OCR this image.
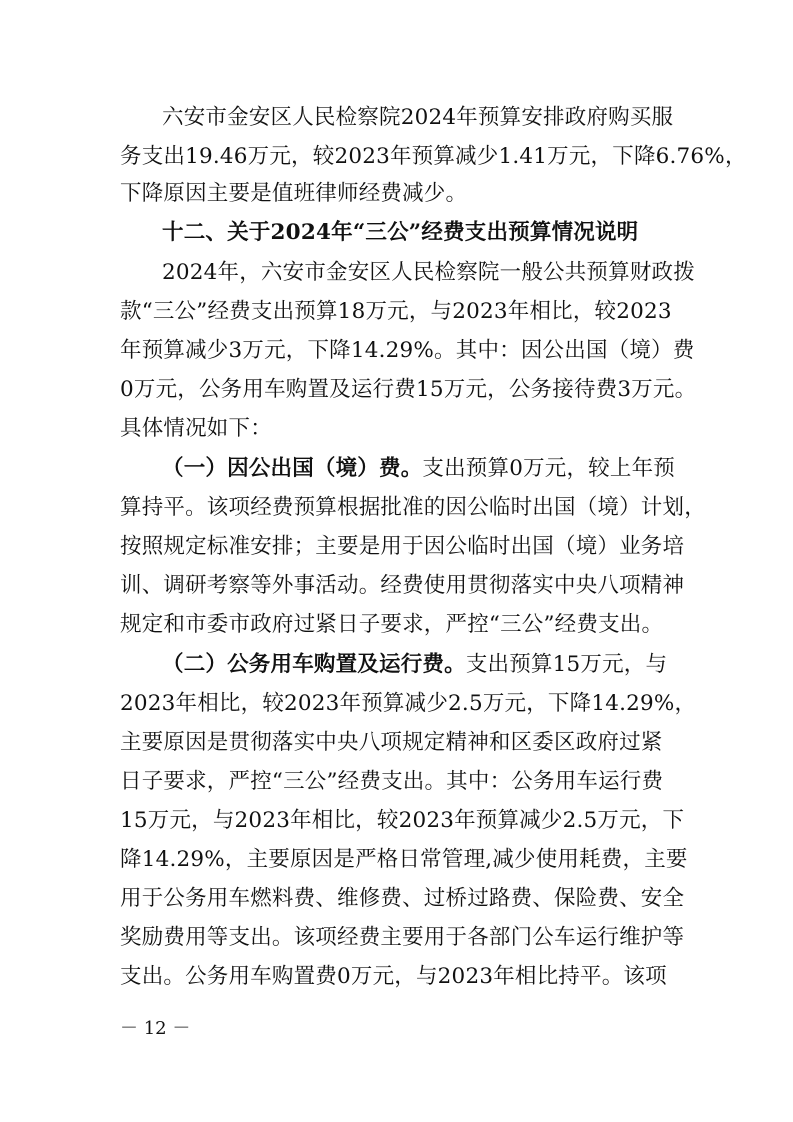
六安市金安区人民检察院2024年预算安排政府购买服
务支出19.46万元，较2023年预算减少1.41万元，下降6.76%，
下降原因主要是值班律师经费减少。
十二、关于2024年“三公”经费支出预算情况说明
2024年，六安市金安区人民检察院一般公共预算财政拨
款“三公”经费支出预算18万元，与2023年相比，较2023
年预算减少3万元，下降14.29%。其中：因公出国（境）费
0万元，公务用车购置及运行费15万元，公务接待费3万元。
具体情况如下：
（一）因公出国（境）费。支出预算0万元，较上年预
算持平。该项经费预算根据批准的因公临时出国（境）计划，
按照规定标准安排；主要是用于因公临时出国（境）业务培
训、调研考察等外事活动。经费使用贯彻落实中央八项精神
规定和市委市政府过紧日子要求，严控“三公”经费支出。
（二）公务用车购置及运行费。支出预算15万元，与
2023年相比，较2023年预算减少2.5万元，下降14.29%，
主要原因是贯彻落实中央八项规定精神和区委区政府过紧
日子要求，严控“三公”经费支出。其中：公务用车运行费
15万元，与2023年相比，较2023年预算减少2.5万元，下
降14.29%，主要原因是严格日常管理,减少使用耗费，主要
用于公务用车燃料费、维修费、过桥过路费、保险费、安全
奖励费用等支出。该项经费主要用于各部门公车运行维护等
支出。公务用车购置费0万元，与2023年相比持平。该项
－ 12 －
